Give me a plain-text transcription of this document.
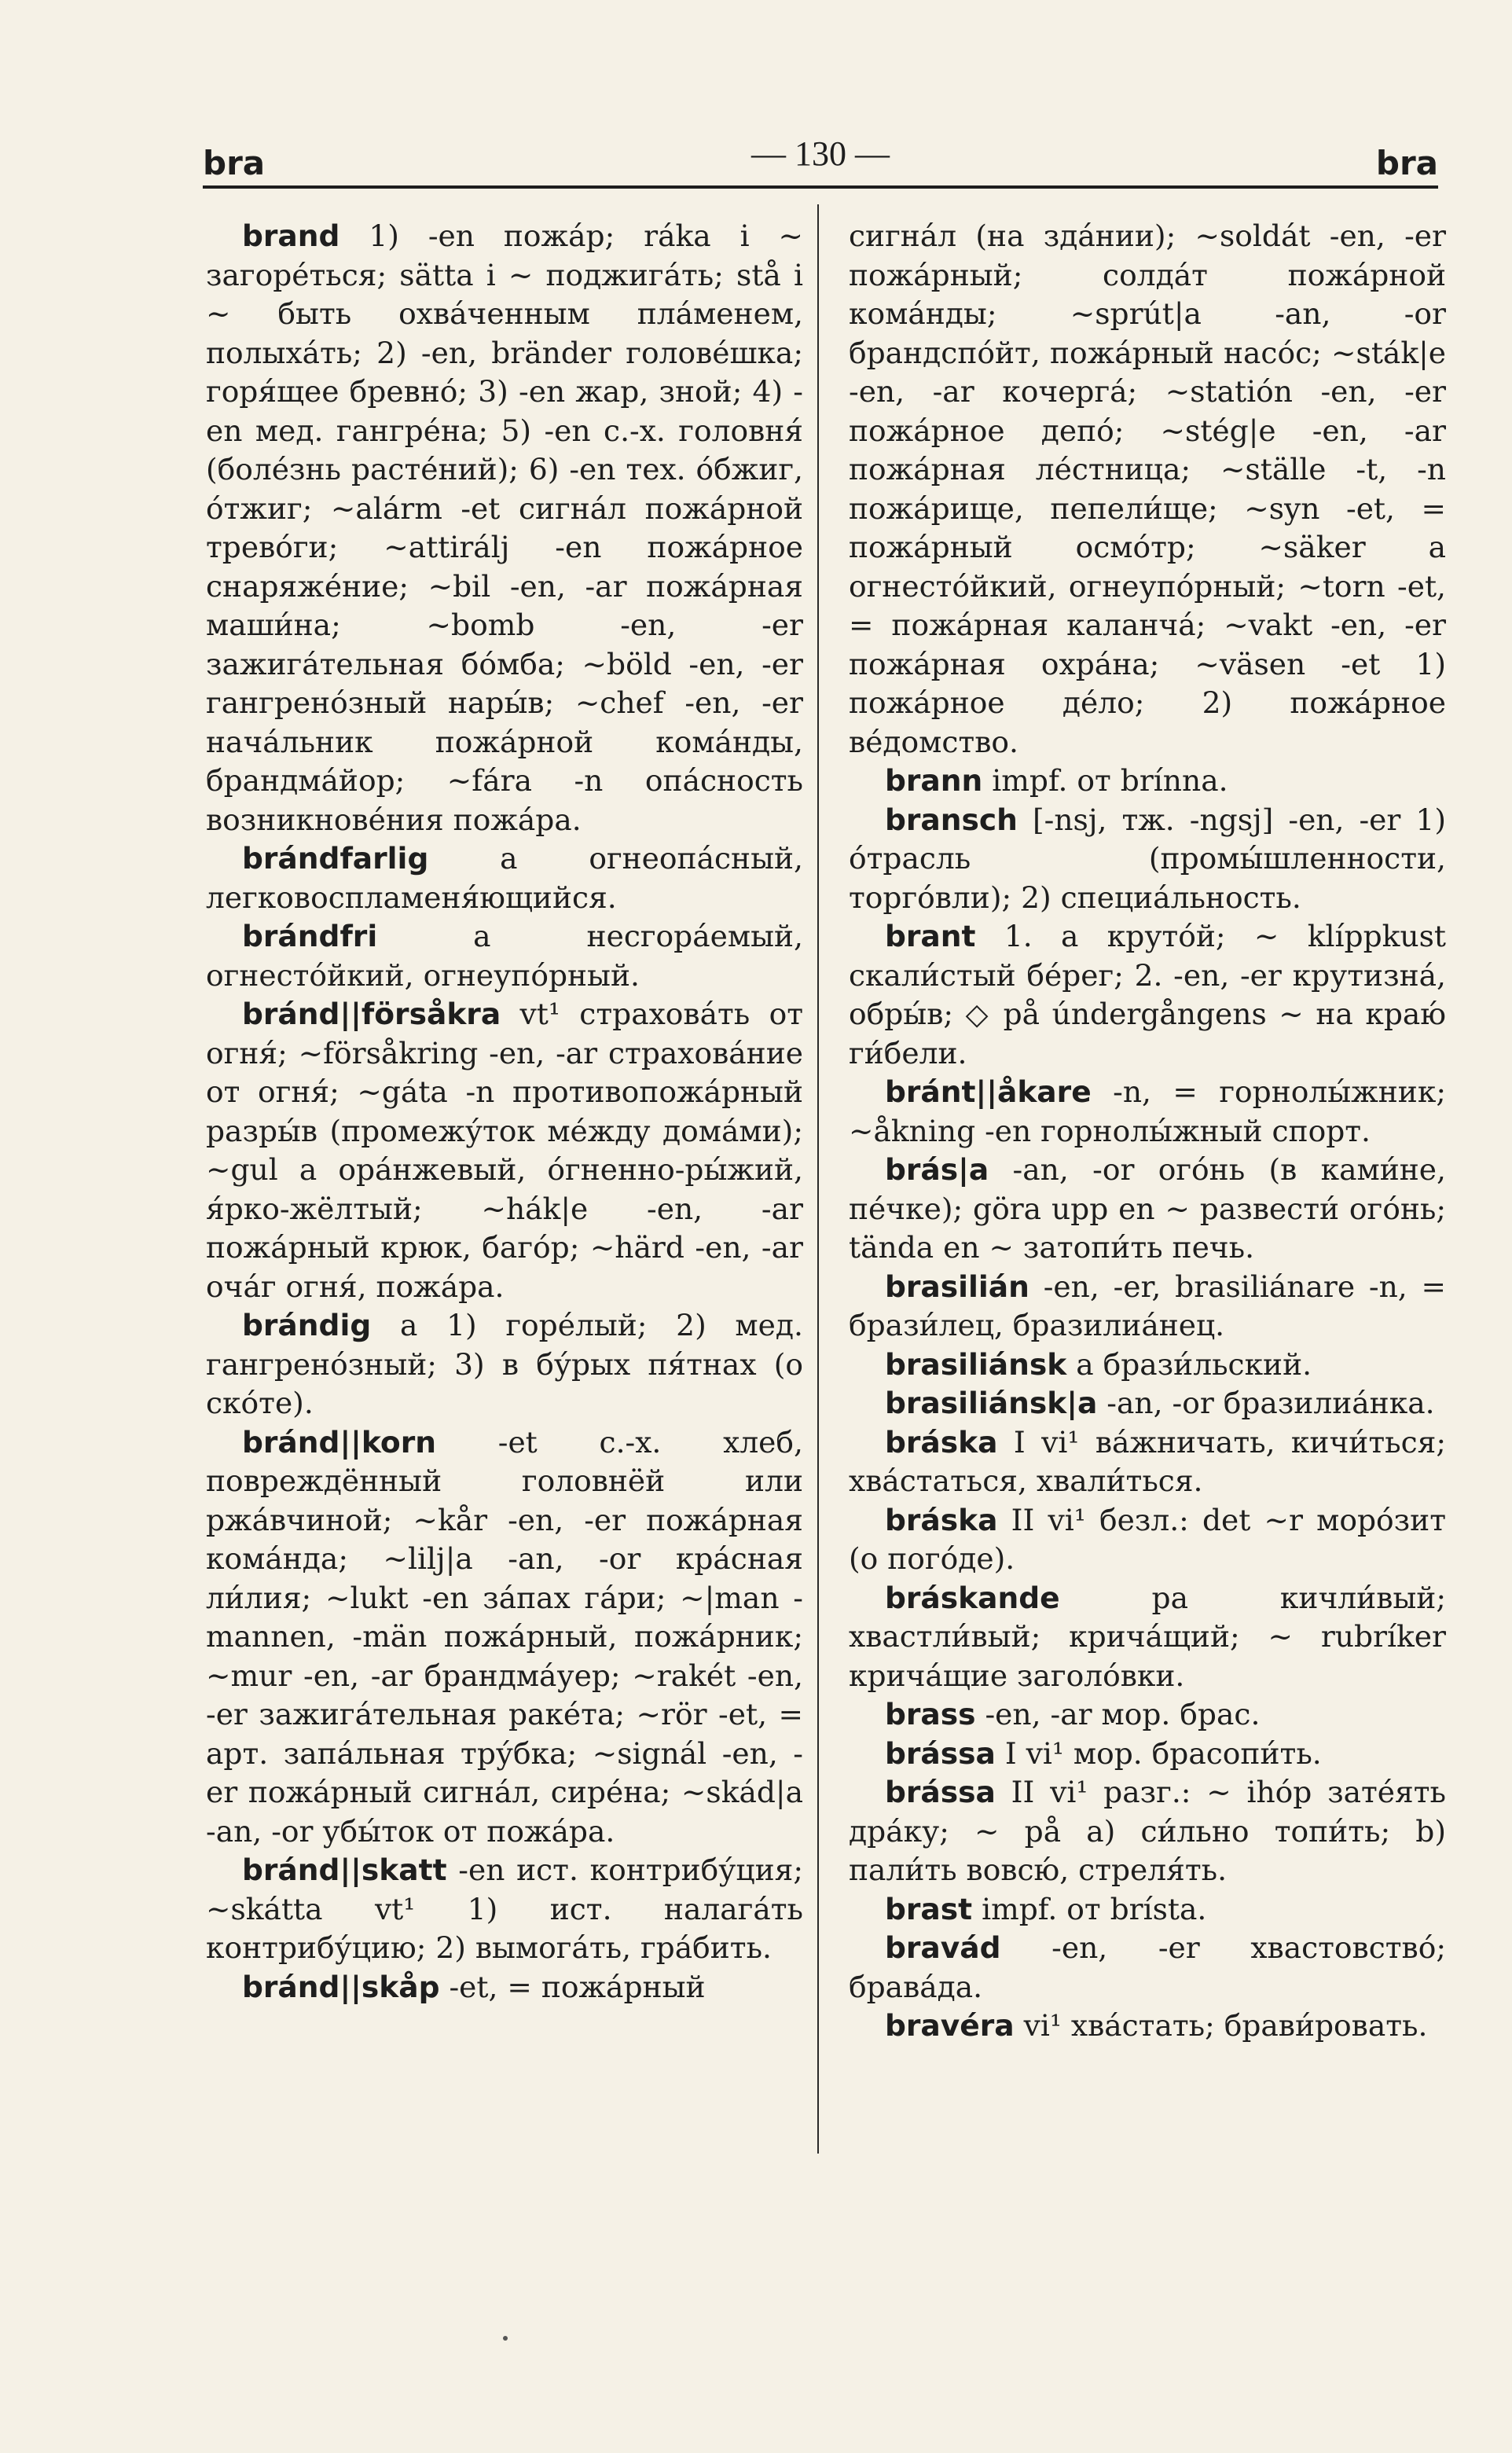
bra	— 130 —	bra

brand 1) -en пожа́р; ráka i ~ загоре́ться; sätta i ~ поджига́ть; stå i ~ быть охва́ченным пла́менем, полыха́ть; 2) -en, bränder голове́шка; горя́щее бревно́; 3) -en жар, зной; 4) -en мед. гангре́на; 5) -en с.-х. головня́ (боле́знь расте́ний); 6) -en тех. о́бжиг, о́тжиг; ~alárm -et сигна́л пожа́рной трево́ги; ~attirálj -en пожа́рное снаряже́ние; ~bil -en, -ar пожа́рная маши́на; ~bomb -en, -er зажига́тельная бо́мба; ~böld -en, -er гангрено́зный нары́в; ~chef -en, -er нача́льник пожа́рной кома́нды, брандма́йор; ~fára -n опа́сность возникнове́ния пожа́ра.

brándfarlig a огнеопа́сный, легковоспламеня́ющийся.

brándfri a несгора́емый, огнесто́йкий, огнеупо́рный.

bránd||försåkra vt¹ страхова́ть от огня́; ~försåkring -en, -ar страхова́ние от огня́; ~gáta -n противопожа́рный разры́в (промежу́ток ме́жду дома́ми); ~gul a ора́нжевый, о́гненно-ры́жий, я́рко-жёлтый; ~hák|e -en, -ar пожа́рный крюк, баго́р; ~härd -en, -ar оча́г огня́, пожа́ра.

brándig a 1) горе́лый; 2) мед. гангрено́зный; 3) в бу́рых пя́тнах (о ско́те).

bránd||korn -et с.-х. хлеб, повреждённый головнёй или ржа́вчиной; ~kår -en, -er пожа́рная кома́нда; ~lilj|a -an, -or кра́сная ли́лия; ~lukt -en за́пах га́ри; ~|man -mannen, -män пожа́рный, пожа́рник; ~mur -en, -ar брандма́уер; ~rakét -en, -er зажига́тельная раке́та; ~rör -et, = арт. запа́льная тру́бка; ~signál -en, -er пожа́рный сигна́л, сире́на; ~skád|a -an, -or убы́ток от пожа́ра.

bránd||skatt -en ист. контрибу́ция; ~skátta vt¹ 1) ист. налага́ть контрибу́цию; 2) вымога́ть, гра́бить.

bránd||skåp -et, = пожа́рный

сигна́л (на зда́нии); ~soldát -en, -er пожа́рный; солда́т пожа́рной кома́нды; ~sprút|a -an, -or брандспо́йт, пожа́рный насо́с; ~sták|e -en, -ar кочерга́; ~statión -en, -er пожа́рное депо́; ~stég|e -en, -ar пожа́рная ле́стница; ~ställe -t, -n пожа́рище, пепели́ще; ~syn -et, = пожа́рный осмо́тр; ~säker a огнесто́йкий, огнеупо́рный; ~torn -et, = пожа́рная каланча́; ~vakt -en, -er пожа́рная охра́на; ~väsen -et 1) пожа́рное де́ло; 2) пожа́рное ве́домство.

brann impf. от brínna.

bransch [-nsj, тж. -ngsj] -en, -er 1) о́трасль (промы́шленности, торго́вли); 2) специа́льность.

brant 1. a круто́й; ~ klíppkust скали́стый бе́рег; 2. -en, -er крутизна́, обры́в; ◇ på úndergångens ~ на краю́ ги́бели.

bránt||åkare -n, = горнолы́жник; ~åkning -en горнолы́жный спорт.

brás|a -an, -or ого́нь (в ками́не, пе́чке); göra upp en ~ развести́ ого́нь; tända en ~ затопи́ть печь.

brasilián -en, -er, brasiliánare -n, = брази́лец, бразилиа́нец.

brasiliánsk a брази́льский.

brasiliánsk|a -an, -or бразилиа́нка.

bráska I vi¹ ва́жничать, кичи́ться; хва́статься, хвали́ться.

bráska II vi¹ безл.: det ~r моро́зит (о пого́де).

bráskande pa кичли́вый; хвастли́вый; крича́щий; ~ rubríker крича́щие заголо́вки.

brass -en, -ar мор. брас.

brássa I vi¹ мор. брасопи́ть.

brássa II vi¹ разг.: ~ ihóp зате́ять дра́ку; ~ på a) си́льно топи́ть; b) пали́ть вовсю́, стреля́ть.

brast impf. от brísta.

bravád -en, -er хвастовство́; брава́да.

bravéra vi¹ хва́стать; брави́ровать.
